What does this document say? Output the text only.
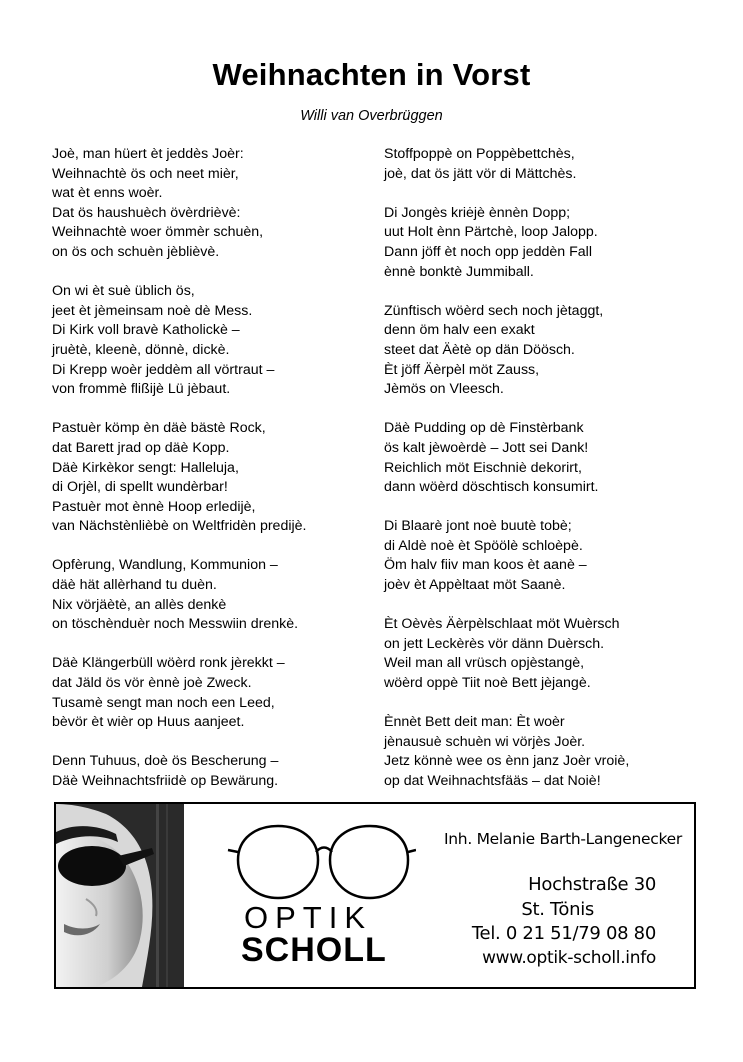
Weihnachten in Vorst
Willi van Overbrüggen
Joè, man hüert èt jeddès Joèr:
Weihnachtè ös och neet mièr,
wat èt enns woèr.
Dat ös haushuèch övèrdrièvè:
Weihnachtè woer ömmèr schuèn,
on ös och schuèn jèblièvè.
On wi èt suè üblich ös,
jeet èt jèmeinsam noè dè Mess.
Di Kirk voll bravè Katholickè –
jruètè, kleenè, dönnè, dickè.
Di Krepp woèr jeddèm all vörtraut –
von frommè flißijè Lü jèbaut.
Pastuèr kömp èn däè bästè Rock,
dat Barett jrad op däè Kopp.
Däè Kirkèkor sengt: Halleluja,
di Orjèl, di spellt wundèrbar!
Pastuèr mot ènnè Hoop erledijè,
van Nächstènlièbè on Weltfridèn predijè.
Opfèrung, Wandlung, Kommunion –
däè hät allèrhand tu duèn.
Nix vörjäètè, an allès denkè
on töschènduèr noch Messwiin drenkè.
Däè Klängerbüll wöèrd ronk jèrekkt –
dat Jäld ös vör ènnè joè Zweck.
Tusamè sengt man noch een Leed,
bèvör èt wièr op Huus aanjeet.
Denn Tuhuus, doè ös Bescherung –
Däè Weihnachtsfriidè op Bewärung.
Stoffpoppè on Poppèbettchès,
joè, dat ös jätt vör di Mättchès.
Di Jongès kriėjè ènnèn Dopp;
uut Holt ènn Pärtchè, loop Jalopp.
Dann jöff èt noch opp jeddèn Fall
ènnè bonktè Jummiball.
Zünftisch wöèrd sech noch jètaggt,
denn öm halv een exakt
steet dat Äètè op dän Döösch.
Èt jöff Äèrpèl möt Zauss,
Jèmös on Vleesch.
Däè Pudding op dè Finstèrbank
ös kalt jèwoèrdè – Jott sei Dank!
Reichlich möt Eischniè dekorirt,
dann wöèrd döschtisch konsumirt.
Di Blaarè jont noè buutè tobè;
di Aldè noè èt Spöölè schloèpè.
Öm halv fiiv man koos èt aanè –
joèv èt Appèltaat möt Saanè.
Èt Oèvès Äèrpèlschlaat möt Wuèrsch
on jett Leckèrès vör dänn Duèrsch.
Weil man all vrüsch opjèstangè,
wöèrd oppè Tiit noè Bett jèjangè.
Ènnèt Bett deit man: Èt woèr
jènausuè schuèn wi vörjès Joèr.
Jetz könnè wee os ènn janz Joèr vroiè,
op dat Weihnachtsfääs – dat Noiè!
OPTIK
SCHOLL
Inh. Melanie Barth-Langenecker
Hochstraße 30
St. Tönis
Tel. 0 21 51/79 08 80
www.optik-scholl.info
